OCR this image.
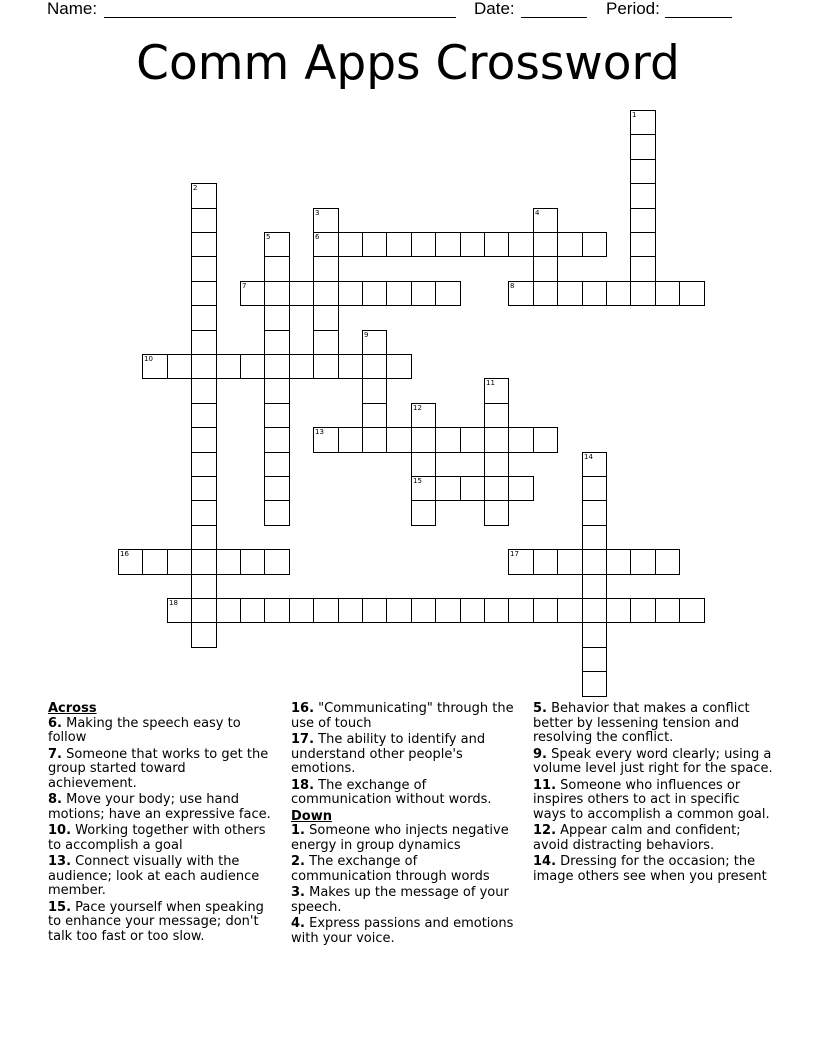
Name:	Date:	Period:
Comm Apps Crossword
6
7	8
10
13
15
16	17
18
1
2
3	4
5
9
11
12
14
Across
6. Making the speech easy to follow
7. Someone that works to get the group started toward achievement.
8. Move your body; use hand motions; have an expressive face.
10. Working together with others to accomplish a goal
13. Connect visually with the audience; look at each audience member.
15. Pace yourself when speaking to enhance your message; don't talk too fast or too slow.
16. "Communicating" through the use of touch
17. The ability to identify and understand other people's emotions.
18. The exchange of communication without words.
Down
1. Someone who injects negative energy in group dynamics
2. The exchange of communication through words
3. Makes up the message of your speech.
4. Express passions and emotions with your voice.
5. Behavior that makes a conflict better by lessening tension and resolving the conflict.
9. Speak every word clearly; using a volume level just right for the space.
11. Someone who influences or inspires others to act in specific ways to accomplish a common goal.
12. Appear calm and confident; avoid distracting behaviors.
14. Dressing for the occasion; the image others see when you present
